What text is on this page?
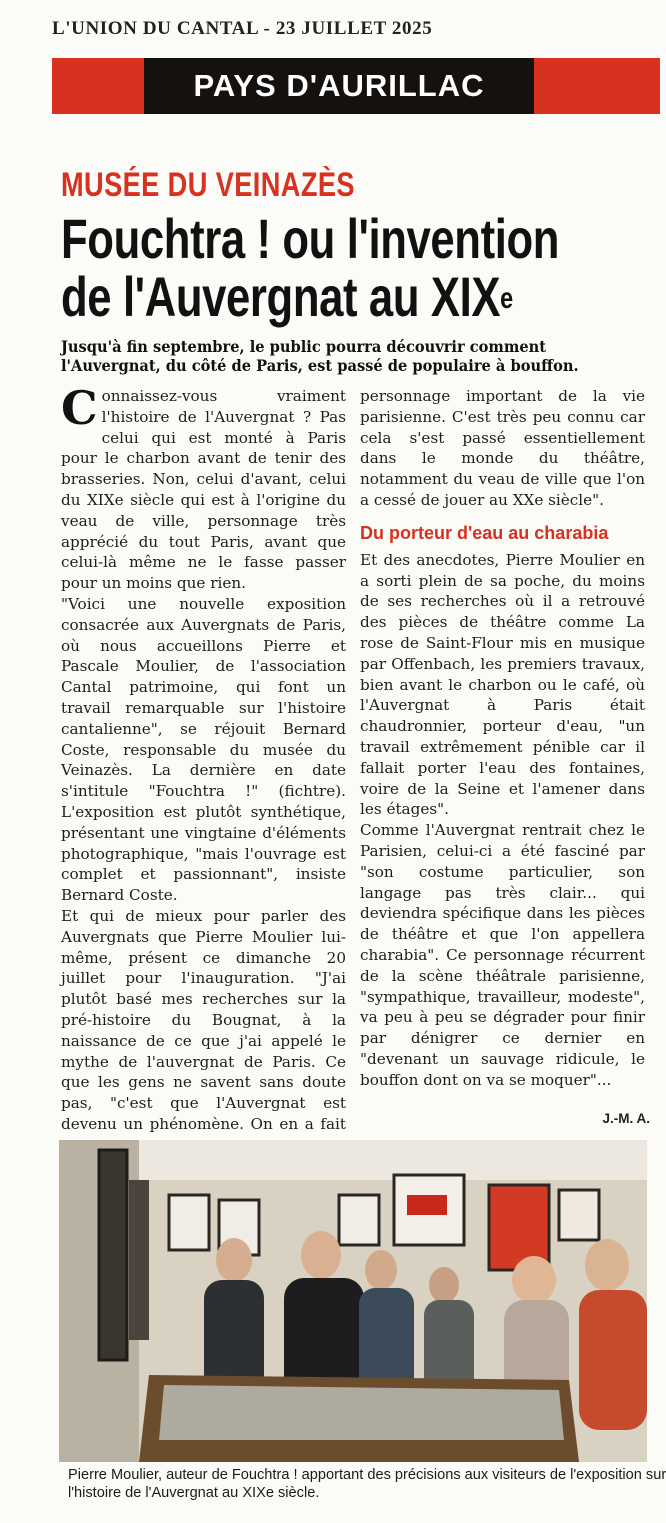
L'UNION DU CANTAL - 23 JUILLET 2025
PAYS D'AURILLAC
MUSÉE DU VEINAZÈS
Fouchtra ! ou l'invention
de l'Auvergnat au XIXe
Jusqu'à fin septembre, le public pourra découvrir comment l'Auvergnat, du côté de Paris, est passé de populaire à bouffon.

Connaissez-vous vraiment l'histoire de l'Auvergnat ? Pas celui qui est monté à Paris pour le charbon avant de tenir des brasseries. Non, celui d'avant, celui du XIXe siècle qui est à l'origine du veau de ville, personnage très apprécié du tout Paris, avant que celui-là même ne le fasse passer pour un moins que rien.

"Voici une nouvelle exposition consacrée aux Auvergnats de Paris, où nous accueillons Pierre et Pascale Moulier, de l'association Cantal patrimoine, qui font un travail remarquable sur l'histoire cantalienne", se réjouit Bernard Coste, responsable du musée du Veinazès. La dernière en date s'intitule "Fouchtra !" (fichtre). L'exposition est plutôt synthétique, présentant une vingtaine d'éléments photographique, "mais l'ouvrage est complet et passionnant", insiste Bernard Coste.

Et qui de mieux pour parler des Auvergnats que Pierre Moulier lui-même, présent ce dimanche 20 juillet pour l'inauguration. "J'ai plutôt basé mes recherches sur la pré-histoire du Bougnat, à la naissance de ce que j'ai appelé le mythe de l'auvergnat de Paris. Ce que les gens ne savent sans doute pas, "c'est que l'Auvergnat est devenu un phénomène. On en a fait

personnage important de la vie parisienne. C'est très peu connu car cela s'est passé essentiellement dans le monde du théâtre, notamment du veau de ville que l'on a cessé de jouer au XXe siècle".

Du porteur d'eau au charabia

Et des anecdotes, Pierre Moulier en a sorti plein de sa poche, du moins de ses recherches où il a retrouvé des pièces de théâtre comme La rose de Saint-Flour mis en musique par Offenbach, les premiers travaux, bien avant le charbon ou le café, où l'Auvergnat à Paris était chaudronnier, porteur d'eau, "un travail extrêmement pénible car il fallait porter l'eau des fontaines, voire de la Seine et l'amener dans les étages".

Comme l'Auvergnat rentrait chez le Parisien, celui-ci a été fasciné par "son costume particulier, son langage pas très clair... qui deviendra spécifique dans les pièces de théâtre et que l'on appellera charabia". Ce personnage récurrent de la scène théâtrale parisienne, "sympathique, travailleur, modeste", va peu à peu se dégrader pour finir par dénigrer ce dernier en "devenant un sauvage ridicule, le bouffon dont on va se moquer"...

J.-M. A.
Pierre Moulier, auteur de Fouchtra ! apportant des précisions aux visiteurs de l'exposition sur l'histoire de l'Auvergnat au XIXe siècle.
